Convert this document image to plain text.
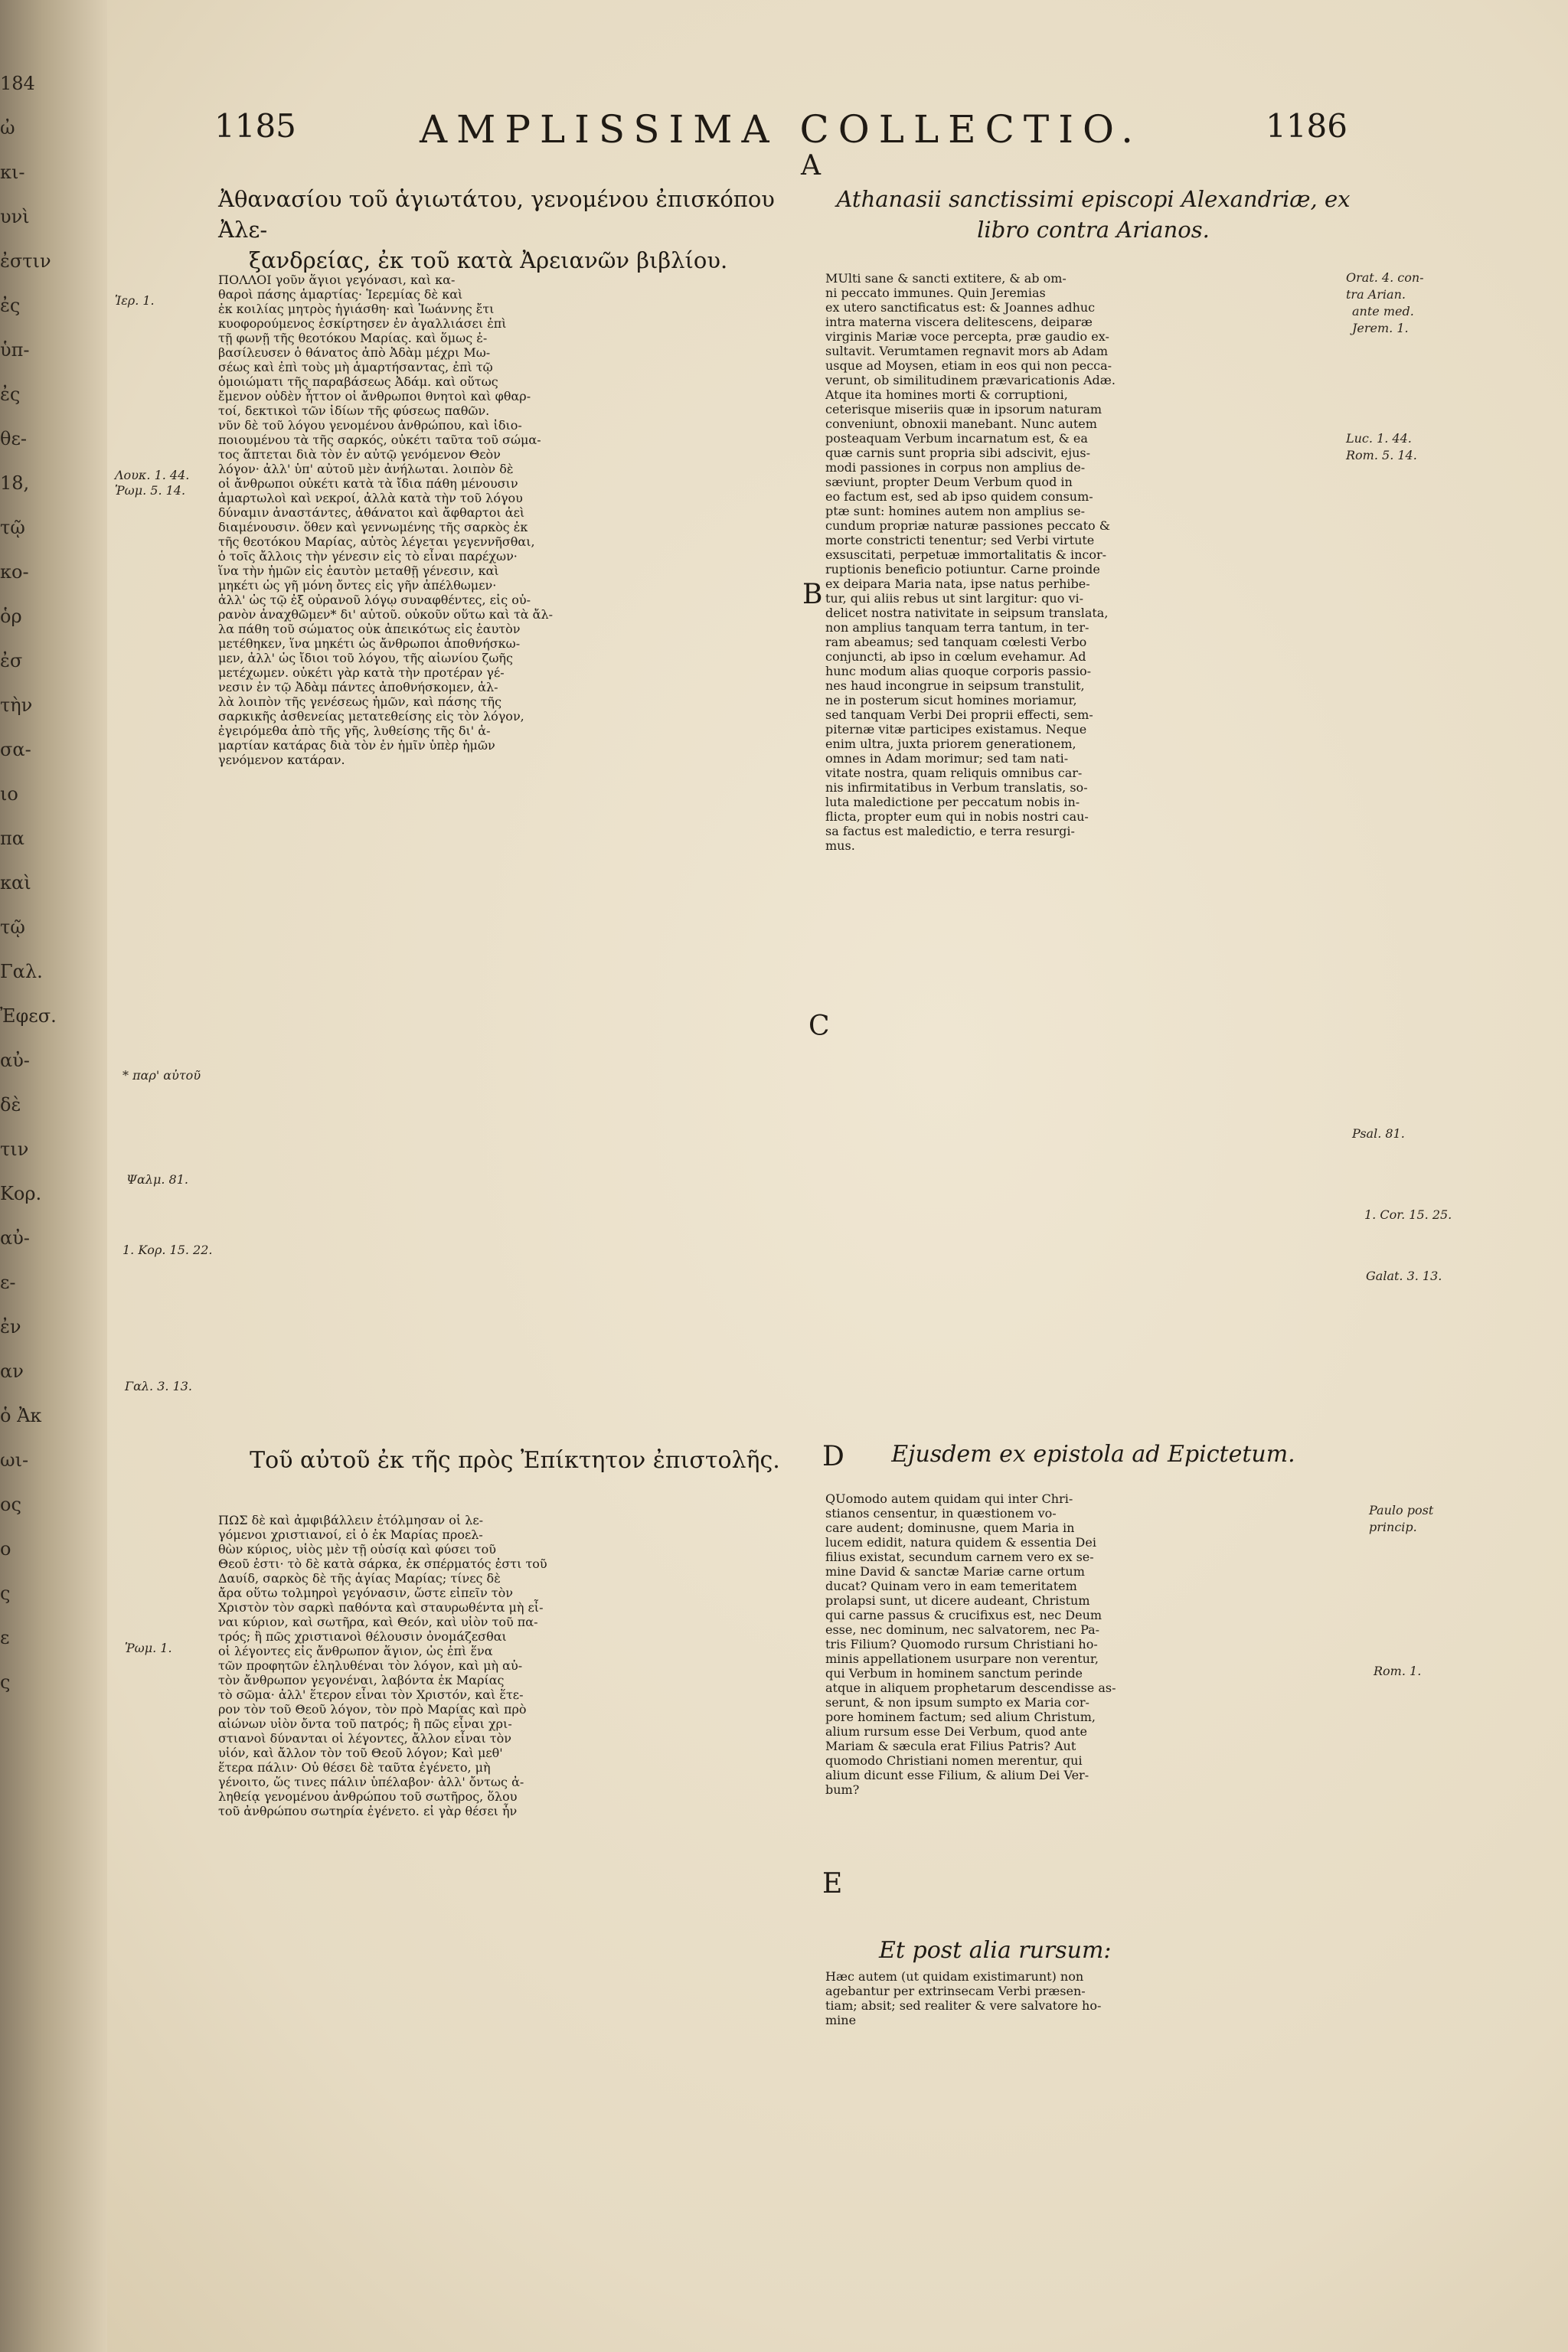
184
ὠ
κι-
υνὶ
ἐστιν
ἐς
ὑπ-
ἐς
θε-
18,
τῷ
κο-
ὁρ
ἐσ
τὴν
σα-
ιο
πα
καὶ
τῷ
Γαλ.
Ἐφεσ.
αὐ-
δὲ
τιν
Κορ.
αὐ-
ε-
ἐν
αν
ὁ Ἀκ
ωι-
ος
ο
ς
ε
ς
1185	AMPLISSIMA COLLECTIO.	1186
A
B
C
D
E
Ἀθανασίου τοῦ ἁγιωτάτου, γενομένου ἐπισκόπου Ἀλε-
ξανδρείας, ἐκ τοῦ κατὰ Ἀρειανῶν βιβλίου.

ΠΟΛΛΟΙ γοῦν ἅγιοι γεγόνασι, καὶ κα-

θαροὶ πάσης ἁμαρτίας· Ἱερεμίας δὲ καὶ

ἐκ κοιλίας μητρὸς ἡγιάσθη· καὶ Ἰωάννης ἔτι

κυοφορούμενος ἐσκίρτησεν ἐν ἀγαλλιάσει ἐπὶ

τῇ φωνῇ τῆς θεοτόκου Μαρίας. καὶ ὅμως ἐ-

βασίλευσεν ὁ θάνατος ἀπὸ Ἀδὰμ μέχρι Μω-

σέως καὶ ἐπὶ τοὺς μὴ ἁμαρτήσαντας, ἐπὶ τῷ

ὁμοιώματι τῆς παραβάσεως Ἀδάμ. καὶ οὕτως

ἔμενον οὐδὲν ἧττον οἱ ἄνθρωποι θνητοὶ καὶ φθαρ-

τοί, δεκτικοὶ τῶν ἰδίων τῆς φύσεως παθῶν.

νῦν δὲ τοῦ λόγου γενομένου ἀνθρώπου, καὶ ἰδιο-

ποιουμένου τὰ τῆς σαρκός, οὐκέτι ταῦτα τοῦ σώμα-

τος ἅπτεται διὰ τὸν ἐν αὐτῷ γενόμενον Θεὸν

λόγον· ἀλλ' ὑπ' αὐτοῦ μὲν ἀνήλωται. λοιπὸν δὲ

οἱ ἄνθρωποι οὐκέτι κατὰ τὰ ἴδια πάθη μένουσιν

ἁμαρτωλοὶ καὶ νεκροί, ἀλλὰ κατὰ τὴν τοῦ λόγου

δύναμιν ἀναστάντες, ἀθάνατοι καὶ ἄφθαρτοι ἀεὶ

διαμένουσιν. ὅθεν καὶ γεννωμένης τῆς σαρκὸς ἐκ

τῆς θεοτόκου Μαρίας, αὐτὸς λέγεται γεγεννῆσθαι,

ὁ τοῖς ἄλλοις τὴν γένεσιν εἰς τὸ εἶναι παρέχων·

ἵνα τὴν ἡμῶν εἰς ἑαυτὸν μεταθῇ γένεσιν, καὶ

μηκέτι ὡς γῆ μόνη ὄντες εἰς γῆν ἀπέλθωμεν·

ἀλλ' ὡς τῷ ἐξ οὐρανοῦ λόγῳ συναφθέντες, εἰς οὐ-

ρανὸν ἀναχθῶμεν* δι' αὐτοῦ. οὐκοῦν οὕτω καὶ τὰ ἄλ-

λα πάθη τοῦ σώματος οὐκ ἀπεικότως εἰς ἑαυτὸν

μετέθηκεν, ἵνα μηκέτι ὡς ἄνθρωποι ἀποθνήσκω-

μεν, ἀλλ' ὡς ἴδιοι τοῦ λόγου, τῆς αἰωνίου ζωῆς

μετέχωμεν. οὐκέτι γὰρ κατὰ τὴν προτέραν γέ-

νεσιν ἐν τῷ Ἀδὰμ πάντες ἀποθνήσκομεν, ἀλ-

λὰ λοιπὸν τῆς γενέσεως ἡμῶν, καὶ πάσης τῆς

σαρκικῆς ἀσθενείας μετατεθείσης εἰς τὸν λόγον,

ἐγειρόμεθα ἀπὸ τῆς γῆς, λυθείσης τῆς δι' ἁ-

μαρτίαν κατάρας διὰ τὸν ἐν ἡμῖν ὑπὲρ ἡμῶν

γενόμενον κατάραν.

Τοῦ αὐτοῦ ἐκ τῆς πρὸς Ἐπίκτητον ἐπιστολῆς.

ΠΩΣ δὲ καὶ ἀμφιβάλλειν ἐτόλμησαν οἱ λε-

γόμενοι χριστιανοί, εἰ ὁ ἐκ Μαρίας προελ-

θὼν κύριος, υἱὸς μὲν τῇ οὐσίᾳ καὶ φύσει τοῦ

Θεοῦ ἐστι· τὸ δὲ κατὰ σάρκα, ἐκ σπέρματός ἐστι τοῦ

Δαυίδ, σαρκὸς δὲ τῆς ἁγίας Μαρίας; τίνες δὲ

ἄρα οὕτω τολμηροὶ γεγόνασιν, ὥστε εἰπεῖν τὸν

Χριστὸν τὸν σαρκὶ παθόντα καὶ σταυρωθέντα μὴ εἶ-

ναι κύριον, καὶ σωτῆρα, καὶ Θεόν, καὶ υἱὸν τοῦ πα-

τρός; ἢ πῶς χριστιανοὶ θέλουσιν ὀνομάζεσθαι

οἱ λέγοντες εἰς ἄνθρωπον ἅγιον, ὡς ἐπὶ ἕνα

τῶν προφητῶν ἐληλυθέναι τὸν λόγον, καὶ μὴ αὐ-

τὸν ἄνθρωπον γεγονέναι, λαβόντα ἐκ Μαρίας

τὸ σῶμα· ἀλλ' ἕτερον εἶναι τὸν Χριστόν, καὶ ἕτε-

ρον τὸν τοῦ Θεοῦ λόγον, τὸν πρὸ Μαρίας καὶ πρὸ

αἰώνων υἱὸν ὄντα τοῦ πατρός; ἢ πῶς εἶναι χρι-

στιανοὶ δύνανται οἱ λέγοντες, ἄλλον εἶναι τὸν

υἱόν, καὶ ἄλλον τὸν τοῦ Θεοῦ λόγον; Καὶ μεθ'

ἕτερα πάλιν· Οὐ θέσει δὲ ταῦτα ἐγένετο, μὴ

γένοιτο, ὥς τινες πάλιν ὑπέλαβον· ἀλλ' ὄντως ἀ-

ληθείᾳ γενομένου ἀνθρώπου τοῦ σωτῆρος, ὅλου

τοῦ ἀνθρώπου σωτηρία ἐγένετο. εἰ γὰρ θέσει ἦν

Athanasii sanctissimi episcopi Alexandriæ, ex
libro contra Arianos.

MUlti sane & sancti extitere, & ab om-

ni peccato immunes. Quin Jeremias

ex utero sanctificatus est: & Joannes adhuc

intra materna viscera delitescens, deiparæ

virginis Mariæ voce percepta, præ gaudio ex-

sultavit. Verumtamen regnavit mors ab Adam

usque ad Moysen, etiam in eos qui non pecca-

verunt, ob similitudinem prævaricationis Adæ.

Atque ita homines morti & corruptioni,

ceterisque miseriis quæ in ipsorum naturam

conveniunt, obnoxii manebant. Nunc autem

posteaquam Verbum incarnatum est, & ea

quæ carnis sunt propria sibi adscivit, ejus-

modi passiones in corpus non amplius de-

sæviunt, propter Deum Verbum quod in

eo factum est, sed ab ipso quidem consum-

ptæ sunt: homines autem non amplius se-

cundum propriæ naturæ passiones peccato &

morte constricti tenentur; sed Verbi virtute

exsuscitati, perpetuæ immortalitatis & incor-

ruptionis beneficio potiuntur. Carne proinde

ex deipara Maria nata, ipse natus perhibe-

tur, qui aliis rebus ut sint largitur: quo vi-

delicet nostra nativitate in seipsum translata,

non amplius tanquam terra tantum, in ter-

ram abeamus; sed tanquam cœlesti Verbo

conjuncti, ab ipso in cœlum evehamur. Ad

hunc modum alias quoque corporis passio-

nes haud incongrue in seipsum transtulit,

ne in posterum sicut homines moriamur,

sed tanquam Verbi Dei proprii effecti, sem-

piternæ vitæ participes existamus. Neque

enim ultra, juxta priorem generationem,

omnes in Adam morimur; sed tam nati-

vitate nostra, quam reliquis omnibus car-

nis infirmitatibus in Verbum translatis, so-

luta maledictione per peccatum nobis in-

flicta, propter eum qui in nobis nostri cau-

sa factus est maledictio, e terra resurgi-

mus.

Ejusdem ex epistola ad Epictetum.

QUomodo autem quidam qui inter Chri-

stianos censentur, in quæstionem vo-

care audent; dominusne, quem Maria in

lucem edidit, natura quidem & essentia Dei

filius existat, secundum carnem vero ex se-

mine David & sanctæ Mariæ carne ortum

ducat? Quinam vero in eam temeritatem

prolapsi sunt, ut dicere audeant, Christum

qui carne passus & crucifixus est, nec Deum

esse, nec dominum, nec salvatorem, nec Pa-

tris Filium? Quomodo rursum Christiani ho-

minis appellationem usurpare non verentur,

qui Verbum in hominem sanctum perinde

atque in aliquem prophetarum descendisse as-

serunt, & non ipsum sumpto ex Maria cor-

pore hominem factum; sed alium Christum,

alium rursum esse Dei Verbum, quod ante

Mariam & sæcula erat Filius Patris? Aut

quomodo Christiani nomen merentur, qui

alium dicunt esse Filium, & alium Dei Ver-

bum?

Et post alia rursum:

Hæc autem (ut quidam existimarunt) non

agebantur per extrinsecam Verbi præsen-

tiam; absit; sed realiter & vere salvatore ho-

mine

Ἱερ. 1.
Λουκ. 1. 44.
Ῥωμ. 5. 14.
* παρ' αὐτοῦ
Ψαλμ. 81.
1. Κορ. 15. 22.
Γαλ. 3. 13.
Ῥωμ. 1.
Orat. 4. con-
tra Arian.
ante med.
Jerem. 1.
Luc. 1. 44.
Rom. 5. 14.
Psal. 81.
1. Cor. 15. 25.
Galat. 3. 13.
Paulo post
princip.
Rom. 1.
